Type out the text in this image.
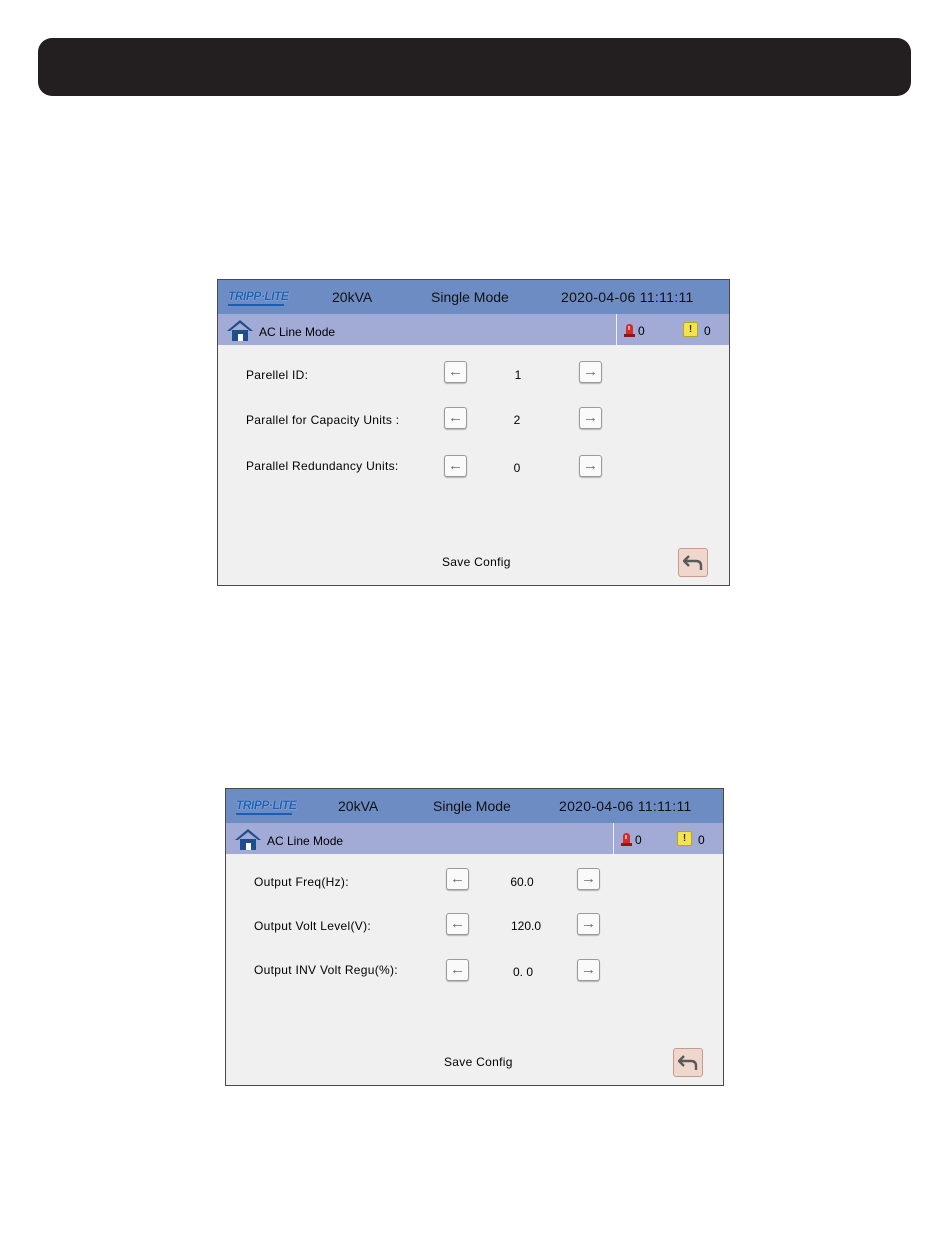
TRIPP·LITE	20kVA	Single Mode	2020-04-06 11:11:11
AC Line Mode	0	! 0
Parellel ID:	←	1	→
Parallel for Capacity Units :	←	2	→
Parallel Redundancy Units:	←	0	→
Save Config
TRIPP·LITE	20kVA	Single Mode	2020-04-06 11:11:11
AC Line Mode	0	! 0
Output Freq(Hz):	←	60.0	→
Output Volt Level(V):	←	120.0	→
Output INV Volt Regu(%):	←	0. 0	→
Save Config
